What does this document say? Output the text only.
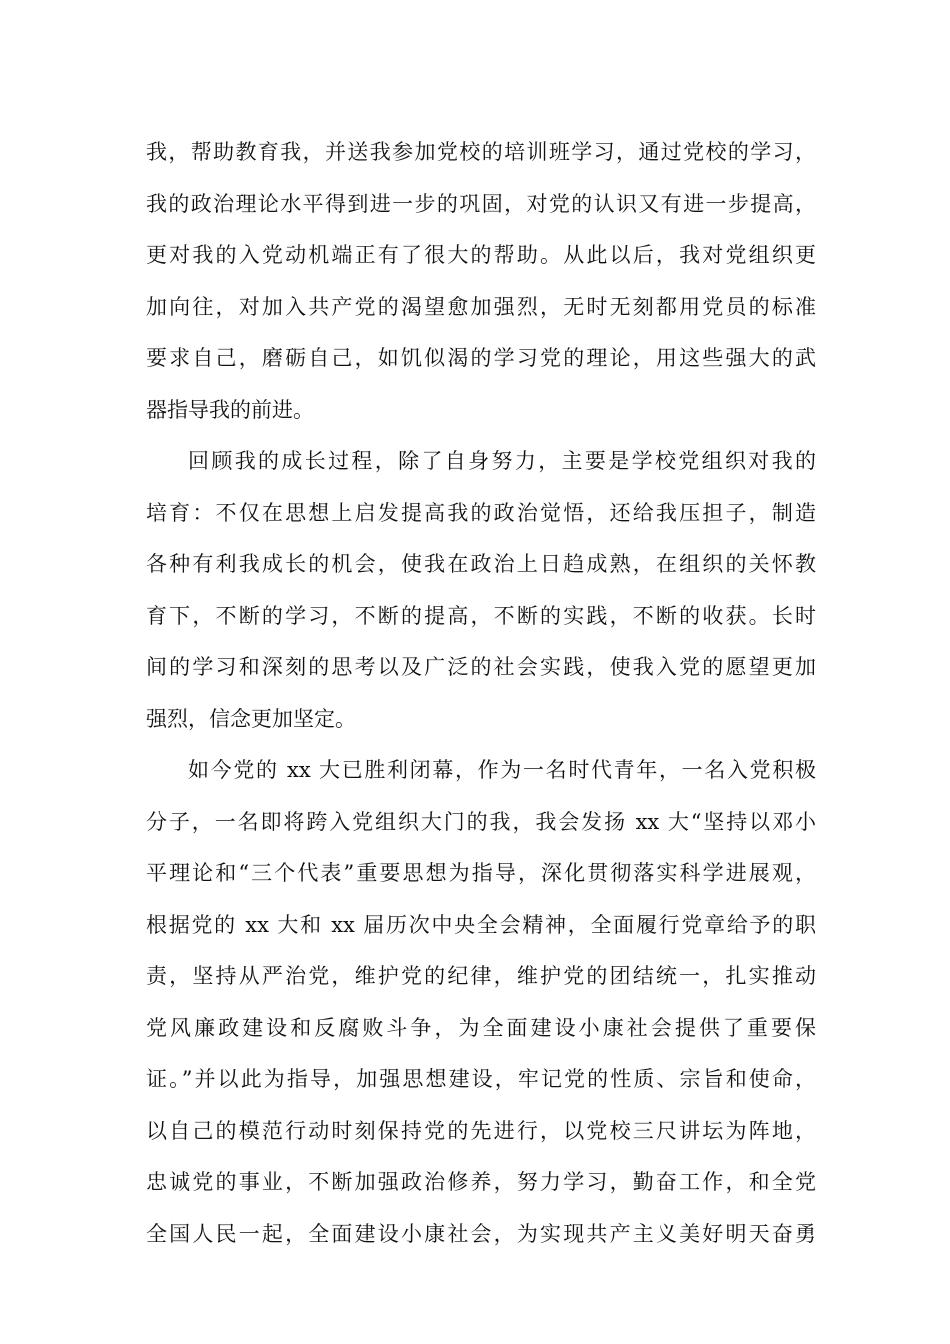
我，帮助教育我，并送我参加党校的培训班学习，通过党校的学习，
我的政治理论水平得到进一步的巩固，对党的认识又有进一步提高，
更对我的入党动机端正有了很大的帮助。从此以后，我对党组织更
加向往，对加入共产党的渴望愈加强烈，无时无刻都用党员的标准
要求自己，磨砺自己，如饥似渴的学习党的理论，用这些强大的武
器指导我的前进。
回顾我的成长过程，除了自身努力，主要是学校党组织对我的
培育：不仅在思想上启发提高我的政治觉悟，还给我压担子，制造
各种有利我成长的机会，使我在政治上日趋成熟，在组织的关怀教
育下，不断的学习，不断的提高，不断的实践，不断的收获。长时
间的学习和深刻的思考以及广泛的社会实践，使我入党的愿望更加
强烈，信念更加坚定。
如今党的 xx 大已胜利闭幕，作为一名时代青年，一名入党积极
分子，一名即将跨入党组织大门的我，我会发扬 xx 大“坚持以邓小
平理论和“三个代表”重要思想为指导，深化贯彻落实科学进展观，
根据党的 xx 大和 xx 届历次中央全会精神，全面履行党章给予的职
责，坚持从严治党，维护党的纪律，维护党的团结统一，扎实推动
党风廉政建设和反腐败斗争，为全面建设小康社会提供了重要保
证。”并以此为指导，加强思想建设，牢记党的性质、宗旨和使命，
以自己的模范行动时刻保持党的先进行，以党校三尺讲坛为阵地，
忠诚党的事业，不断加强政治修养，努力学习，勤奋工作，和全党
全国人民一起，全面建设小康社会，为实现共产主义美好明天奋勇
